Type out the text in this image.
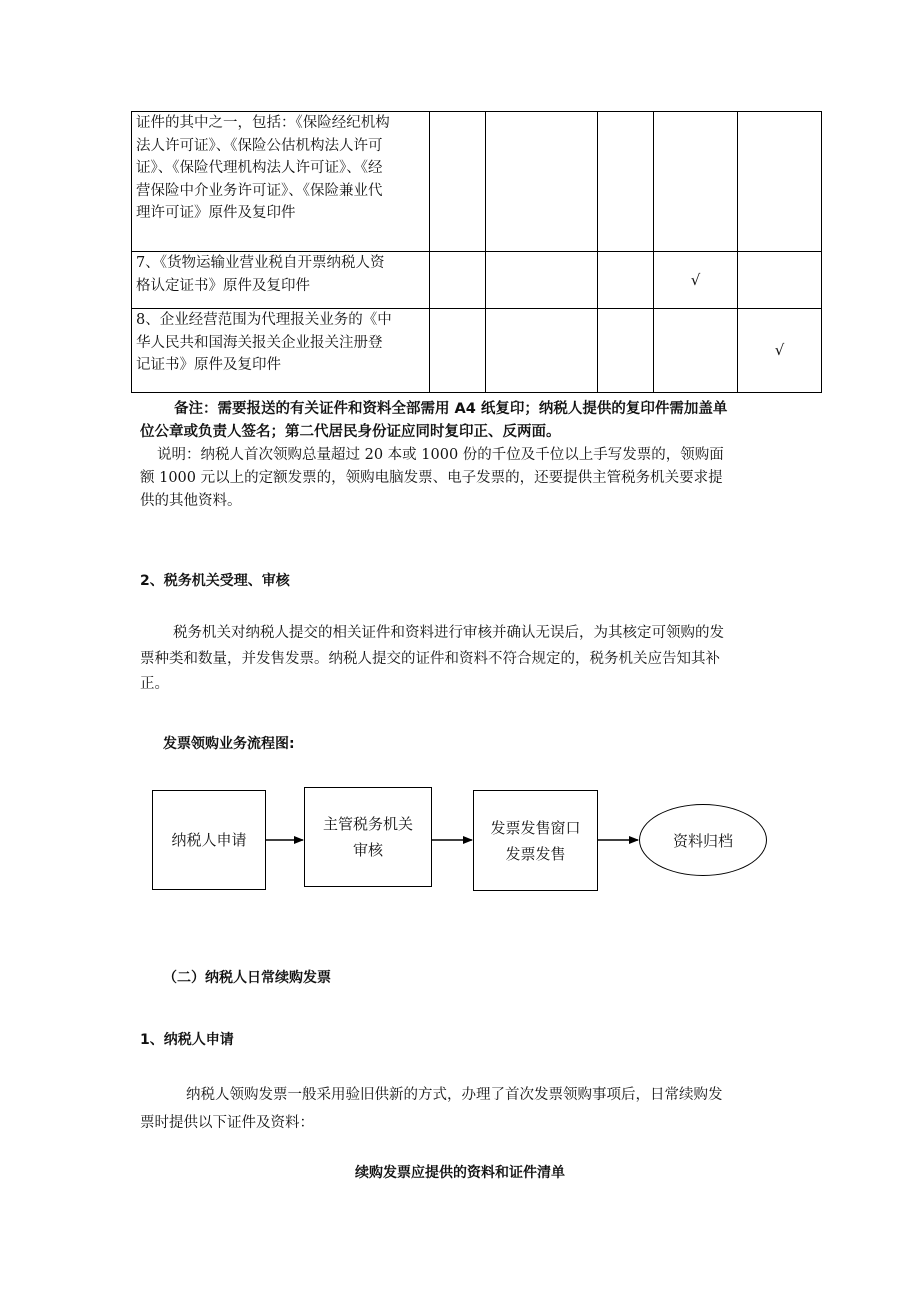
证件的其中之一，包括：《保险经纪机构
法人许可证》、《保险公估机构法人许可
证》、《保险代理机构法人许可证》、《经
营保险中介业务许可证》、《保险兼业代
理许可证》原件及复印件					

7、《货物运输业营业税自开票纳税人资
格认定证书》原件及复印件				√	

8、企业经营范围为代理报关业务的《中
华人民共和国海关报关企业报关注册登
记证书》原件及复印件					√
备注：需要报送的有关证件和资料全部需用 A4 纸复印；纳税人提供的复印件需加盖单
位公章或负责人签名；第二代居民身份证应同时复印正、反两面。
说明：纳税人首次领购总量超过 20 本或 1000 份的千位及千位以上手写发票的，领购面
额 1000 元以上的定额发票的，领购电脑发票、电子发票的，还要提供主管税务机关要求提
供的其他资料。
2、税务机关受理、审核
税务机关对纳税人提交的相关证件和资料进行审核并确认无误后，为其核定可领购的发
票种类和数量，并发售发票。纳税人提交的证件和资料不符合规定的，税务机关应告知其补
正。
发票领购业务流程图:
纳税人申请
主管税务机关
审核
发票发售窗口
发票发售
资料归档
（二）纳税人日常续购发票
1、纳税人申请
纳税人领购发票一般采用验旧供新的方式，办理了首次发票领购事项后，日常续购发
票时提供以下证件及资料：
续购发票应提供的资料和证件清单
